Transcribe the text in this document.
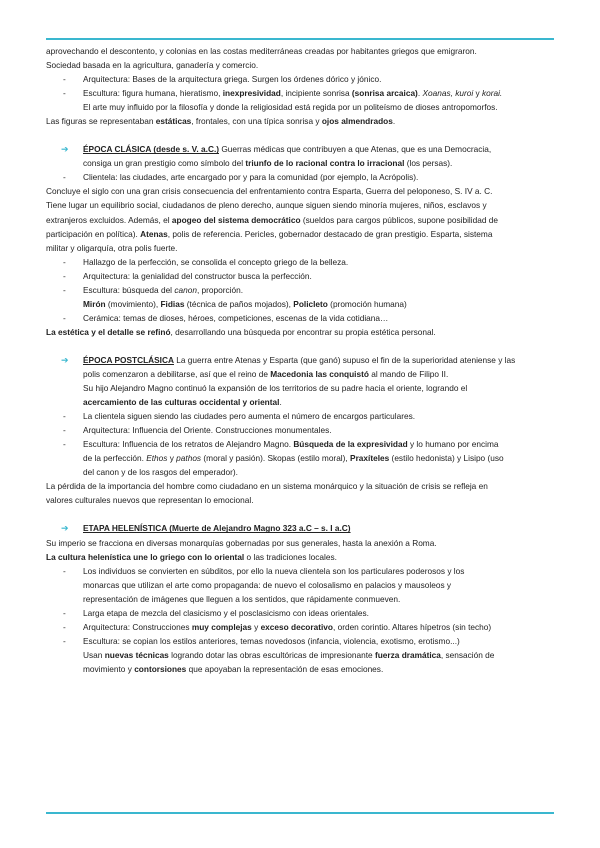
aprovechando el descontento, y colonias en las costas mediterráneas creadas por habitantes griegos que emigraron.

Sociedad basada en la agricultura, ganadería y comercio.

- Arquitectura: Bases de la arquitectura griega. Surgen los órdenes dórico y jónico.

- Escultura: figura humana, hieratismo, inexpresividad, incipiente sonrisa (sonrisa arcaica). Xoanas, kuroi y korai.

El arte muy influido por la filosofía y donde la religiosidad está regida por un politeísmo de dioses antropomorfos.

Las figuras se representaban estáticas, frontales, con una típica sonrisa y ojos almendrados.

➔ ÉPOCA CLÁSICA (desde s. V. a.C.) Guerras médicas que contribuyen a que Atenas, que es una Democracia,

consiga un gran prestigio como símbolo del triunfo de lo racional contra lo irracional (los persas).

- Clientela: las ciudades, arte encargado por y para la comunidad (por ejemplo, la Acrópolis).

Concluye el siglo con una gran crisis consecuencia del enfrentamiento contra Esparta, Guerra del peloponeso, S. IV a. C.

Tiene lugar un equilibrio social, ciudadanos de pleno derecho, aunque siguen siendo minoría mujeres, niños, esclavos y

extranjeros excluidos. Además, el apogeo del sistema democrático (sueldos para cargos públicos, supone posibilidad de

participación en política). Atenas, polis de referencia. Pericles, gobernador destacado de gran prestigio. Esparta, sistema

militar y oligarquía, otra polis fuerte.

- Hallazgo de la perfección, se consolida el concepto griego de la belleza.

- Arquitectura: la genialidad del constructor busca la perfección.

- Escultura: búsqueda del canon, proporción.

Mirón (movimiento), Fidias (técnica de paños mojados), Policleto (promoción humana)

- Cerámica: temas de dioses, héroes, competiciones, escenas de la vida cotidiana…

La estética y el detalle se refinó, desarrollando una búsqueda por encontrar su propia estética personal.

➔ ÉPOCA POSTCLÁSICA La guerra entre Atenas y Esparta (que ganó) supuso el fin de la superioridad ateniense y las

polis comenzaron a debilitarse, así que el reino de Macedonia las conquistó al mando de Filipo II.

Su hijo Alejandro Magno continuó la expansión de los territorios de su padre hacia el oriente, logrando el

acercamiento de las culturas occidental y oriental.

- La clientela siguen siendo las ciudades pero aumenta el número de encargos particulares.

- Arquitectura: Influencia del Oriente. Construcciones monumentales.

- Escultura: Influencia de los retratos de Alejandro Magno. Búsqueda de la expresividad y lo humano por encima

de la perfección. Ethos y pathos (moral y pasión). Skopas (estilo moral), Praxíteles (estilo hedonista) y Lisipo (uso

del canon y de los rasgos del emperador).

La pérdida de la importancia del hombre como ciudadano en un sistema monárquico y la situación de crisis se refleja en

valores culturales nuevos que representan lo emocional.

➔ ETAPA HELENÍSTICA (Muerte de Alejandro Magno 323 a.C – s. I a.C)

Su imperio se fracciona en diversas monarquías gobernadas por sus generales, hasta la anexión a Roma.

La cultura helenística une lo griego con lo oriental o las tradiciones locales.

- Los individuos se convierten en súbditos, por ello la nueva clientela son los particulares poderosos y los

monarcas que utilizan el arte como propaganda: de nuevo el colosalismo en palacios y mausoleos y

representación de imágenes que lleguen a los sentidos, que rápidamente conmueven.

- Larga etapa de mezcla del clasicismo y el posclasicismo con ideas orientales.

- Arquitectura: Construcciones muy complejas y exceso decorativo, orden corintio. Altares hípetros (sin techo)

- Escultura: se copian los estilos anteriores, temas novedosos (infancia, violencia, exotismo, erotismo...)

Usan nuevas técnicas logrando dotar las obras escultóricas de impresionante fuerza dramática, sensación de

movimiento y contorsiones que apoyaban la representación de esas emociones.
